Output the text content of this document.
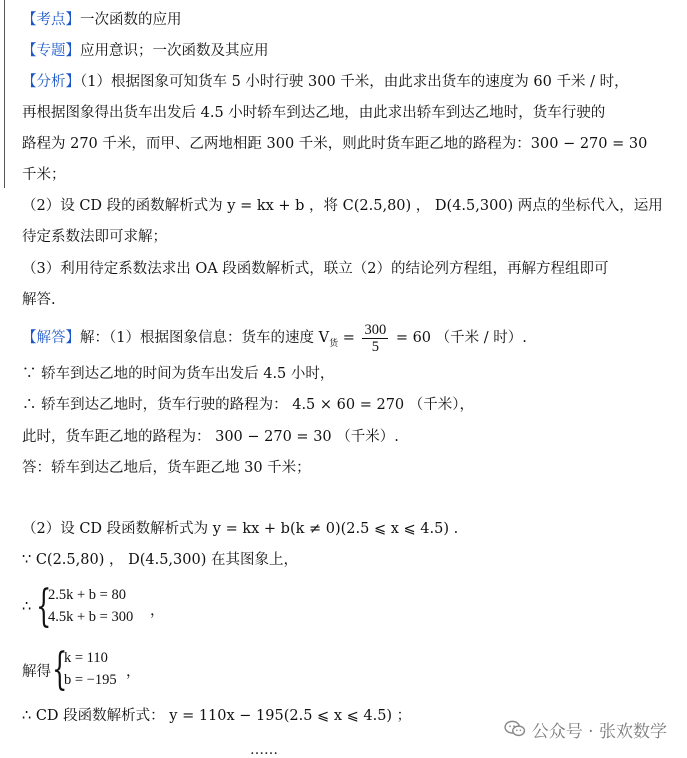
【考点】一次函数的应用
【专题】应用意识；一次函数及其应用
【分析】（1）根据图象可知货车 5 小时行驶 300 千米，由此求出货车的速度为 60 千米 / 时，
再根据图象得出货车出发后 4.5 小时轿车到达乙地，由此求出轿车到达乙地时，货车行驶的
路程为 270 千米，而甲、乙两地相距 300 千米，则此时货车距乙地的路程为：300 − 270 = 30
千米；
（2）设 CD 段的函数解析式为 y = kx + b ，将 C(2.5,80) ， D(4.5,300) 两点的坐标代入，运用
待定系数法即可求解；
（3）利用待定系数法求出 OA 段函数解析式，联立（2）的结论列方程组，再解方程组即可
解答.
【解答】解：（1）根据图象信息：货车的速度 $V_货 = \frac{300}{5} = 60$ （千米 / 时）.
∵ 轿车到达乙地的时间为货车出发后 4.5 小时，
∴ 轿车到达乙地时，货车行驶的路程为： 4.5 × 60 = 270 （千米），
此时，货车距乙地的路程为： 300 − 270 = 30 （千米）.
答：轿车到达乙地后，货车距乙地 30 千米；
（2）设 CD 段函数解析式为 y = kx + b(k ≠ 0)(2.5 ⩽ x ⩽ 4.5) .
∵ C(2.5,80) ， D(4.5,300) 在其图象上，
∴ {
2.5k + b = 80
4.5k + b = 300 ，
解得 {
k = 110
b = −195 ，
∴ CD 段函数解析式： y = 110x − 195(2.5 ⩽ x ⩽ 4.5) ；
……
公众号 · 张欢数学
